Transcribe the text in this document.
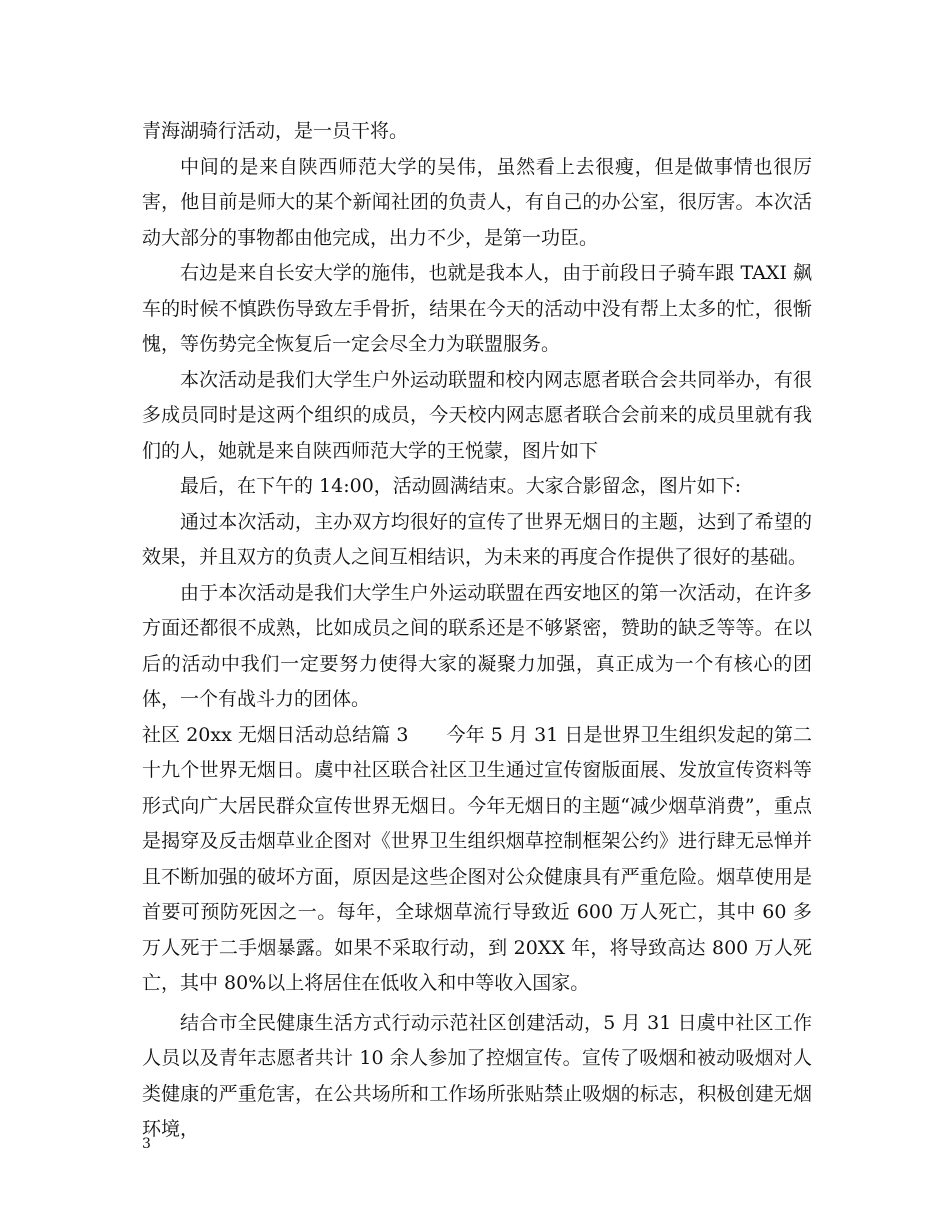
青海湖骑行活动，是一员干将。

中间的是来自陕西师范大学的吴伟，虽然看上去很瘦，但是做事情也很厉害，他目前是师大的某个新闻社团的负责人，有自己的办公室，很厉害。本次活动大部分的事物都由他完成，出力不少，是第一功臣。

右边是来自长安大学的施伟，也就是我本人，由于前段日子骑车跟 TAXI 飙车的时候不慎跌伤导致左手骨折，结果在今天的活动中没有帮上太多的忙，很惭愧，等伤势完全恢复后一定会尽全力为联盟服务。

本次活动是我们大学生户外运动联盟和校内网志愿者联合会共同举办，有很多成员同时是这两个组织的成员，今天校内网志愿者联合会前来的成员里就有我们的人，她就是来自陕西师范大学的王悦蒙，图片如下

最后，在下午的 14:00，活动圆满结束。大家合影留念，图片如下:

通过本次活动，主办双方均很好的宣传了世界无烟日的主题，达到了希望的效果，并且双方的负责人之间互相结识，为未来的再度合作提供了很好的基础。

由于本次活动是我们大学生户外运动联盟在西安地区的第一次活动，在许多方面还都很不成熟，比如成员之间的联系还是不够紧密，赞助的缺乏等等。在以后的活动中我们一定要努力使得大家的凝聚力加强，真正成为一个有核心的团体，一个有战斗力的团体。

社区 20xx 无烟日活动总结篇 3　　今年 5 月 31 日是世界卫生组织发起的第二十九个世界无烟日。虞中社区联合社区卫生通过宣传窗版面展、发放宣传资料等形式向广大居民群众宣传世界无烟日。今年无烟日的主题“减少烟草消费”，重点是揭穿及反击烟草业企图对《世界卫生组织烟草控制框架公约》进行肆无忌惮并且不断加强的破坏方面，原因是这些企图对公众健康具有严重危险。烟草使用是首要可预防死因之一。每年，全球烟草流行导致近 600 万人死亡，其中 60 多万人死于二手烟暴露。如果不采取行动，到 20XX 年，将导致高达 800 万人死亡，其中 80%以上将居住在低收入和中等收入国家。

结合市全民健康生活方式行动示范社区创建活动，5 月 31 日虞中社区工作人员以及青年志愿者共计 10 余人参加了控烟宣传。宣传了吸烟和被动吸烟对人类健康的严重危害，在公共场所和工作场所张贴禁止吸烟的标志，积极创建无烟环境，

3
